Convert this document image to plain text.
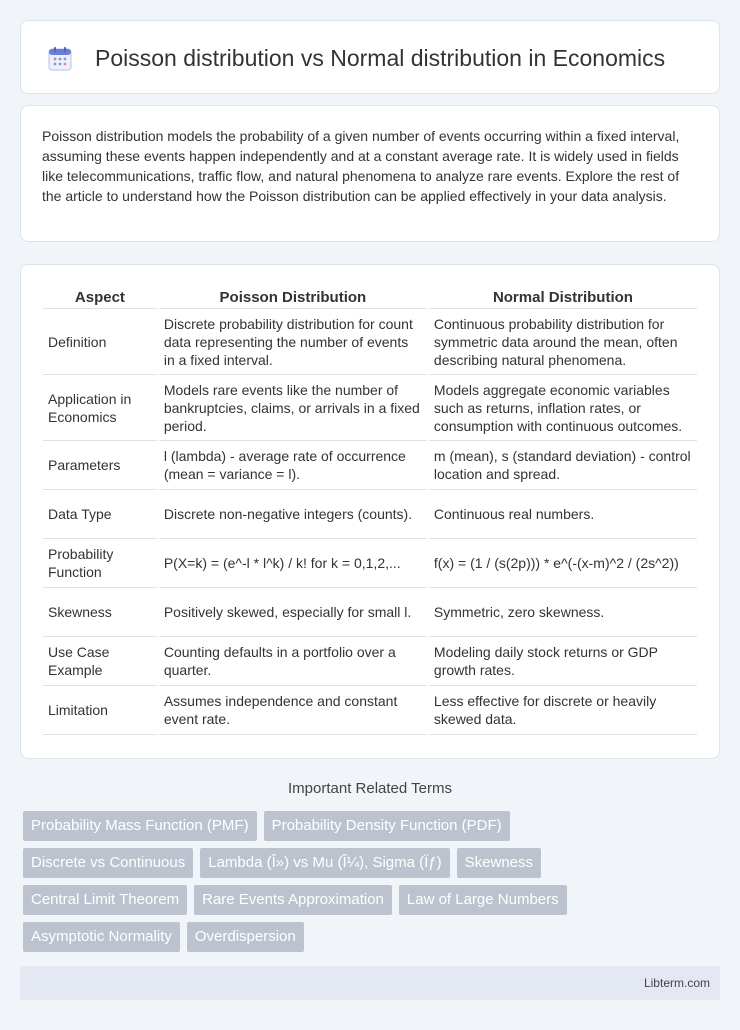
Poisson distribution vs Normal distribution in Economics

Poisson distribution models the probability of a given number of events occurring within a fixed interval, assuming these events happen independently and at a constant average rate. It is widely used in fields like telecommunications, traffic flow, and natural phenomena to analyze rare events. Explore the rest of the article to understand how the Poisson distribution can be applied effectively in your data analysis.

Aspect	Poisson Distribution	Normal Distribution
Definition	Discrete probability distribution for count data representing the number of events in a fixed interval.	Continuous probability distribution for symmetric data around the mean, often describing natural phenomena.
Application in Economics	Models rare events like the number of bankruptcies, claims, or arrivals in a fixed period.	Models aggregate economic variables such as returns, inflation rates, or consumption with continuous outcomes.
Parameters	l (lambda) - average rate of occurrence (mean = variance = l).	m (mean), s (standard deviation) - control location and spread.
Data Type	Discrete non-negative integers (counts).	Continuous real numbers.
Probability Function	P(X=k) = (e^-l * l^k) / k! for k = 0,1,2,...	f(x) = (1 / (s(2p))) * e^(-(x-m)^2 / (2s^2))
Skewness	Positively skewed, especially for small l.	Symmetric, zero skewness.
Use Case Example	Counting defaults in a portfolio over a quarter.	Modeling daily stock returns or GDP growth rates.
Limitation	Assumes independence and constant event rate.	Less effective for discrete or heavily skewed data.
Important Related Terms
Probability Mass Function (PMF)	Probability Density Function (PDF)
Discrete vs Continuous	Lambda (Î») vs Mu (Î¼), Sigma (Ïƒ)	Skewness
Central Limit Theorem	Rare Events Approximation	Law of Large Numbers
Asymptotic Normality	Overdispersion
Libterm.com
